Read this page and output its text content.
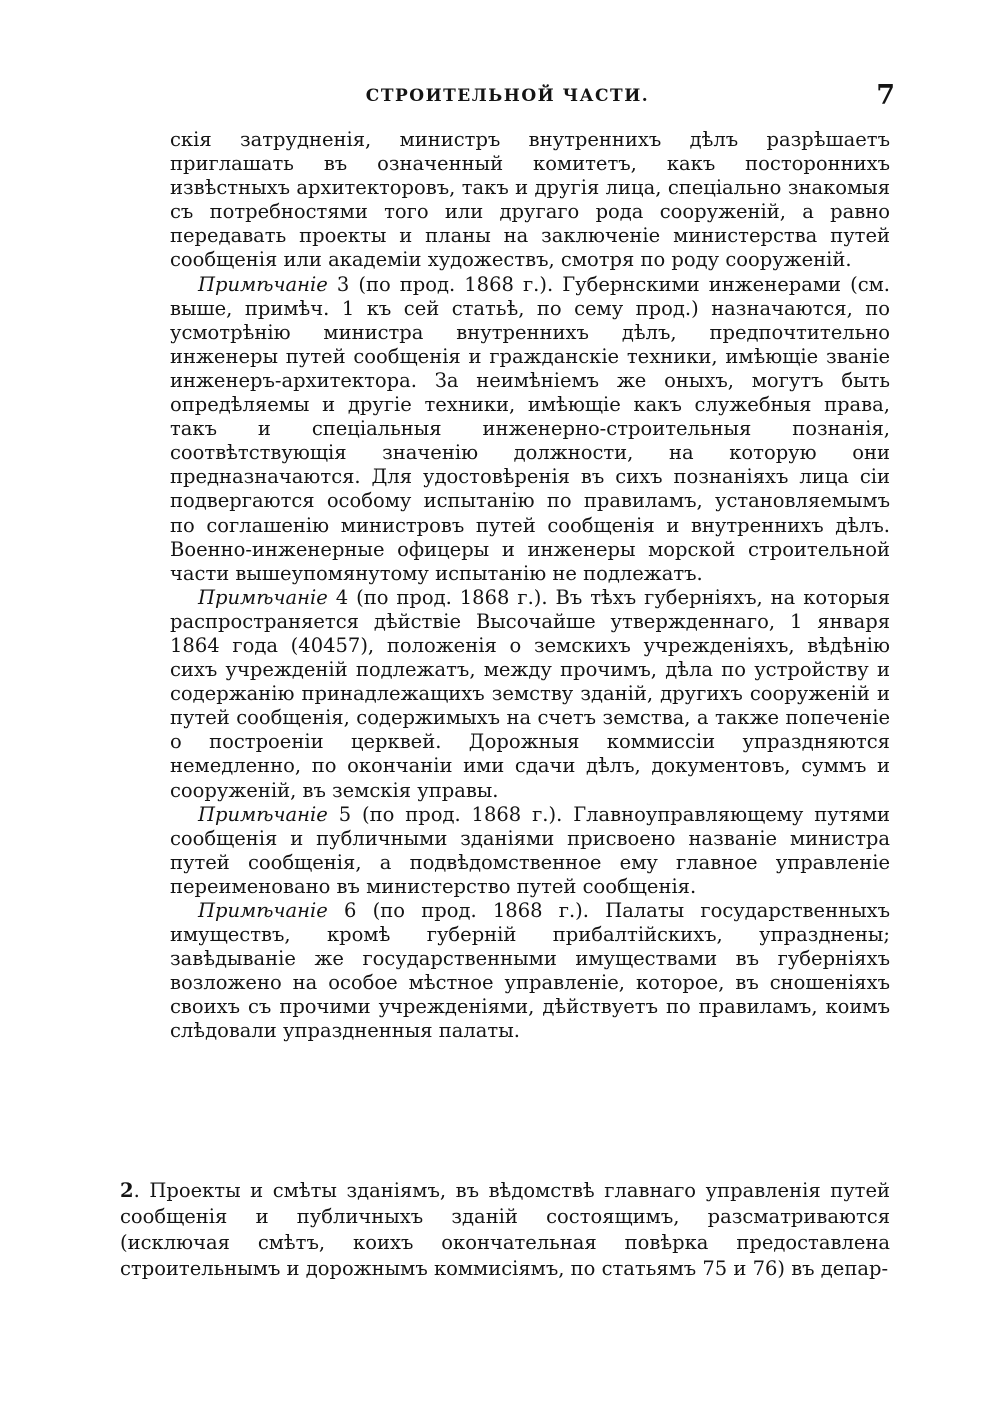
СТРОИТЕЛЬНОЙ ЧАСТИ.	7

скія затрудненія, министръ внутреннихъ дѣлъ разрѣшаетъ приглашать въ означенный комитетъ, какъ постороннихъ извѣстныхъ архитекторовъ, такъ и другія лица, спеціально знакомыя съ потребностями того или другаго рода сооруженій, а равно передавать проекты и планы на заключеніе министерства путей сообщенія или академіи художествъ, смотря по роду сооруженій.

Примѣчаніе 3 (по прод. 1868 г.). Губернскими инженерами (см. выше, примѣч. 1 къ сей статьѣ, по сему прод.) назначаются, по усмотрѣнію министра внутреннихъ дѣлъ, предпочтительно инженеры путей сообщенія и гражданскіе техники, имѣющіе званіе инженеръ-архитектора. За неимѣніемъ же оныхъ, могутъ быть опредѣляемы и другіе техники, имѣющіе какъ служебныя права, такъ и спеціальныя инженерно-строительныя познанія, соотвѣтствующія значенію должности, на которую они предназначаются. Для удостовѣренія въ сихъ познаніяхъ лица сіи подвергаются особому испытанію по правиламъ, установляемымъ по соглашенію министровъ путей сообщенія и внутреннихъ дѣлъ. Военно-инженерные офицеры и инженеры морской строительной части вышеупомянутому испытанію не подлежатъ.

Примѣчаніе 4 (по прод. 1868 г.). Въ тѣхъ губерніяхъ, на которыя распространяется дѣйствіе Высочайше утвержденнаго, 1 января 1864 года (40457), положенія о земскихъ учрежденіяхъ, вѣдѣнію сихъ учрежденій подлежатъ, между прочимъ, дѣла по устройству и содержанію принадлежащихъ земству зданій, другихъ сооруженій и путей сообщенія, содержимыхъ на счетъ земства, а также попеченіе о построеніи церквей. Дорожныя коммиссіи упраздняются немедленно, по окончаніи ими сдачи дѣлъ, документовъ, суммъ и сооруженій, въ земскія управы.

Примѣчаніе 5 (по прод. 1868 г.). Главноуправляющему путями сообщенія и публичными зданіями присвоено названіе министра путей сообщенія, а подвѣдомственное ему главное управленіе переименовано въ министерство путей сообщенія.

Примѣчаніе 6 (по прод. 1868 г.). Палаты государственныхъ имуществъ, кромѣ губерній прибалтійскихъ, упразднены; завѣдываніе же государственными имуществами въ губерніяхъ возложено на особое мѣстное управленіе, которое, въ сношеніяхъ своихъ съ прочими учрежденіями, дѣйствуетъ по правиламъ, коимъ слѣдовали упраздненныя палаты.

2. Проекты и смѣты зданіямъ, въ вѣдомствѣ главнаго управленія путей сообщенія и публичныхъ зданій состоящимъ, разсматриваются (исключая смѣтъ, коихъ окончательная повѣрка предоставлена строительнымъ и дорожнымъ коммисіямъ, по статьямъ 75 и 76) въ депар-
